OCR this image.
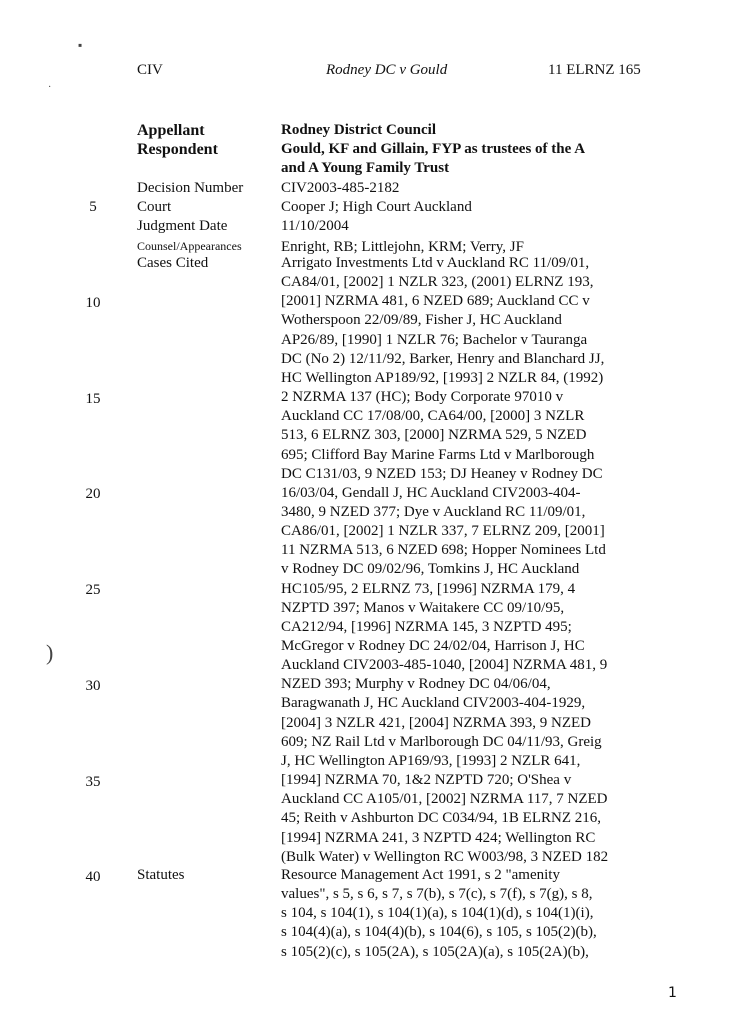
▪
·
)
CIV	Rodney DC v Gould	11 ELRNZ 165
Appellant
Respondent
Decision Number
Court
Judgment Date
Counsel/Appearances
Cases Cited
Statutes
Rodney District Council
Gould, KF and Gillain, FYP as trustees of the A
and A Young Family Trust
CIV2003-485-2182
Cooper J; High Court Auckland
11/10/2004
Enright, RB; Littlejohn, KRM; Verry, JF
Arrigato Investments Ltd v Auckland RC 11/09/01,
CA84/01, [2002] 1 NZLR 323, (2001) ELRNZ 193,
[2001] NZRMA 481, 6 NZED 689; Auckland CC v
Wotherspoon 22/09/89, Fisher J, HC Auckland
AP26/89, [1990] 1 NZLR 76; Bachelor v Tauranga
DC (No 2) 12/11/92, Barker, Henry and Blanchard JJ,
HC Wellington AP189/92, [1993] 2 NZLR 84, (1992)
2 NZRMA 137 (HC); Body Corporate 97010 v
Auckland CC 17/08/00, CA64/00, [2000] 3 NZLR
513, 6 ELRNZ 303, [2000] NZRMA 529, 5 NZED
695; Clifford Bay Marine Farms Ltd v Marlborough
DC C131/03, 9 NZED 153; DJ Heaney v Rodney DC
16/03/04, Gendall J, HC Auckland CIV2003-404-
3480, 9 NZED 377; Dye v Auckland RC 11/09/01,
CA86/01, [2002] 1 NZLR 337, 7 ELRNZ 209, [2001]
11 NZRMA 513, 6 NZED 698; Hopper Nominees Ltd
v Rodney DC 09/02/96, Tomkins J, HC Auckland
HC105/95, 2 ELRNZ 73, [1996] NZRMA 179, 4
NZPTD 397; Manos v Waitakere CC 09/10/95,
CA212/94, [1996] NZRMA 145, 3 NZPTD 495;
McGregor v Rodney DC 24/02/04, Harrison J, HC
Auckland CIV2003-485-1040, [2004] NZRMA 481, 9
NZED 393; Murphy v Rodney DC 04/06/04,
Baragwanath J, HC Auckland CIV2003-404-1929,
[2004] 3 NZLR 421, [2004] NZRMA 393, 9 NZED
609; NZ Rail Ltd v Marlborough DC 04/11/93, Greig
J, HC Wellington AP169/93, [1993] 2 NZLR 641,
[1994] NZRMA 70, 1&2 NZPTD 720; O'Shea v
Auckland CC A105/01, [2002] NZRMA 117, 7 NZED
45; Reith v Ashburton DC C034/94, 1B ELRNZ 216,
[1994] NZRMA 241, 3 NZPTD 424; Wellington RC
(Bulk Water) v Wellington RC W003/98, 3 NZED 182
Resource Management Act 1991, s 2 "amenity
values", s 5, s 6, s 7, s 7(b), s 7(c), s 7(f), s 7(g), s 8,
s 104, s 104(1), s 104(1)(a), s 104(1)(d), s 104(1)(i),
s 104(4)(a), s 104(4)(b), s 104(6), s 105, s 105(2)(b),
s 105(2)(c), s 105(2A), s 105(2A)(a), s 105(2A)(b),
5
10
15
20
25
30
35
40
1
